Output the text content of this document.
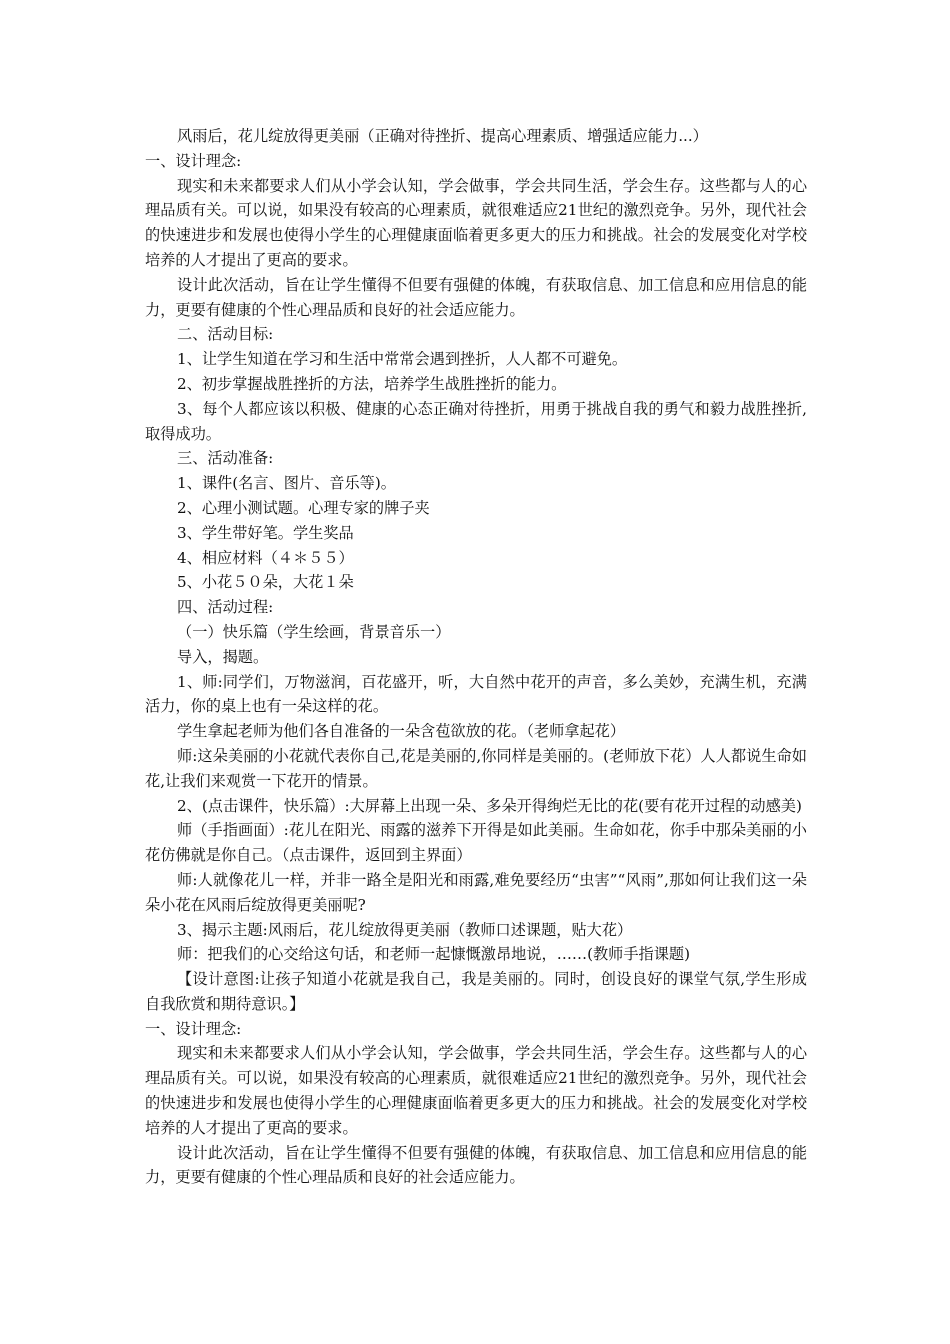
风雨后，花儿绽放得更美丽（正确对待挫折、提高心理素质、增强适应能力...）

一、设计理念:

现实和未来都要求人们从小学会认知，学会做事，学会共同生活，学会生存。这些都与人的心理品质有关。可以说，如果没有较高的心理素质，就很难适应21世纪的激烈竞争。另外，现代社会的快速进步和发展也使得小学生的心理健康面临着更多更大的压力和挑战。社会的发展变化对学校培养的人才提出了更高的要求。

设计此次活动，旨在让学生懂得不但要有强健的体魄，有获取信息、加工信息和应用信息的能力，更要有健康的个性心理品质和良好的社会适应能力。

二、活动目标:

1、让学生知道在学习和生活中常常会遇到挫折，人人都不可避免。

2、初步掌握战胜挫折的方法，培养学生战胜挫折的能力。

3、每个人都应该以积极、健康的心态正确对待挫折，用勇于挑战自我的勇气和毅力战胜挫折,取得成功。

三、活动准备:

1、课件(名言、图片、音乐等)。

2、心理小测试题。心理专家的牌子夹

3、学生带好笔。学生奖品

4、相应材料（４＊５５）

5、小花５０朵，大花１朵

四、活动过程:

（一）快乐篇（学生绘画，背景音乐一）

导入，揭题。

1、师:同学们，万物滋润，百花盛开，听，大自然中花开的声音，多么美妙，充满生机，充满活力，你的桌上也有一朵这样的花。

学生拿起老师为他们各自准备的一朵含苞欲放的花。（老师拿起花）

师:这朵美丽的小花就代表你自己,花是美丽的,你同样是美丽的。(老师放下花）人人都说生命如花,让我们来观赏一下花开的情景。

2、(点击课件，快乐篇）:大屏幕上出现一朵、多朵开得绚烂无比的花(要有花开过程的动感美)

师（手指画面）:花儿在阳光、雨露的滋养下开得是如此美丽。生命如花，你手中那朵美丽的小花仿佛就是你自己。（点击课件，返回到主界面）

师:人就像花儿一样，并非一路全是阳光和雨露,难免要经历“虫害”“风雨”,那如何让我们这一朵朵小花在风雨后绽放得更美丽呢?

3、揭示主题:风雨后，花儿绽放得更美丽（教师口述课题，贴大花）

师：把我们的心交给这句话，和老师一起慷慨激昂地说，……(教师手指课题)

【设计意图:让孩子知道小花就是我自己，我是美丽的。同时，创设良好的课堂气氛,学生形成自我欣赏和期待意识。】

一、设计理念:

现实和未来都要求人们从小学会认知，学会做事，学会共同生活，学会生存。这些都与人的心理品质有关。可以说，如果没有较高的心理素质，就很难适应21世纪的激烈竞争。另外，现代社会的快速进步和发展也使得小学生的心理健康面临着更多更大的压力和挑战。社会的发展变化对学校培养的人才提出了更高的要求。

设计此次活动，旨在让学生懂得不但要有强健的体魄，有获取信息、加工信息和应用信息的能力，更要有健康的个性心理品质和良好的社会适应能力。
